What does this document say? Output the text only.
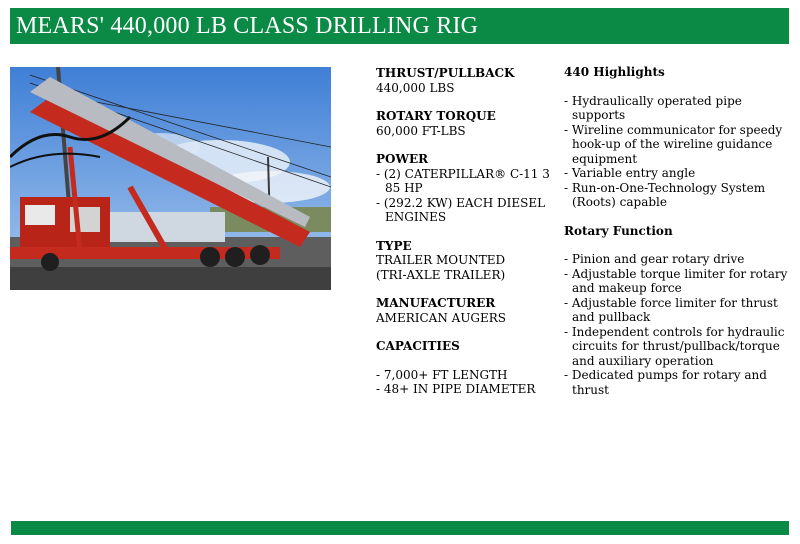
MEARS' 440,000 LB CLASS DRILLING RIG
THRUST/PULLBACK
440,000 LBS
ROTARY TORQUE
60,000 FT-LBS
POWER
- (2) CATERPILLAR® C-11 3 85 HP
- (292.2 KW) EACH DIESEL ENGINES
TYPE
TRAILER MOUNTED
(TRI-AXLE TRAILER)
MANUFACTURER
AMERICAN AUGERS
CAPACITIES
- 7,000+ FT LENGTH
- 48+ IN PIPE DIAMETER
440 Highlights
- Hydraulically operated pipe supports
- Wireline communicator for speedy hook-up of the wireline guidance equipment
- Variable entry angle
- Run-on-One-Technology System (Roots) capable
Rotary Function
- Pinion and gear rotary drive
- Adjustable torque limiter for rotary and makeup force
- Adjustable force limiter for thrust and pullback
- Independent controls for hydraulic circuits for thrust/pullback/torque and auxiliary operation
- Dedicated pumps for rotary and thrust
